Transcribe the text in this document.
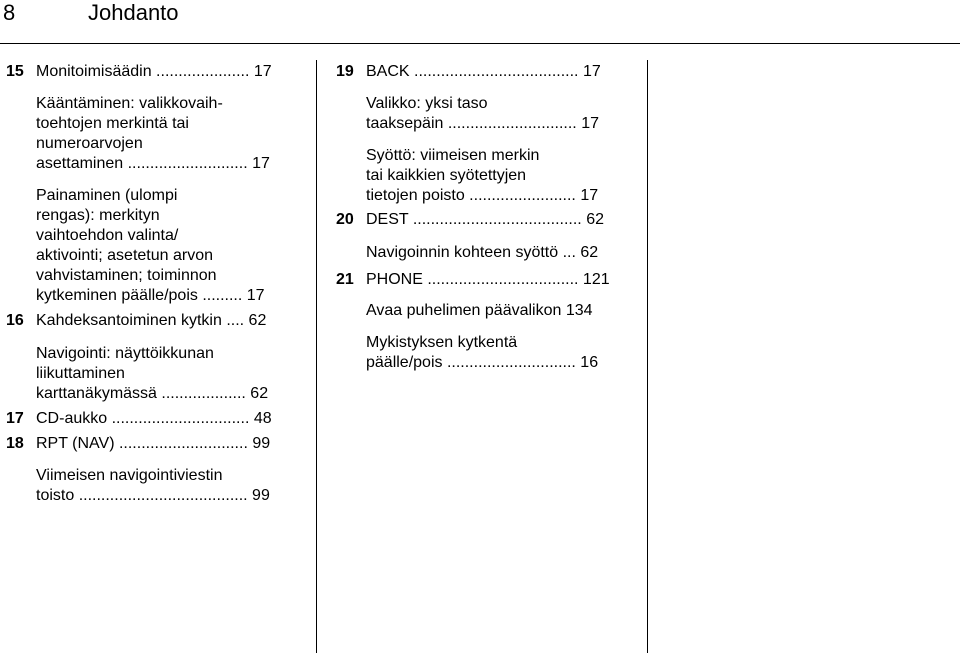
8	Johdanto
15 Monitoimisäädin ..................... 17
Kääntäminen: valikkovaih-
toehtojen merkintä tai
numeroarvojen
asettaminen ........................... 17
Painaminen (ulompi
rengas): merkityn
vaihtoehdon valinta/
aktivointi; asetetun arvon
vahvistaminen; toiminnon
kytkeminen päälle/pois ......... 17
16 Kahdeksantoiminen kytkin .... 62
Navigointi: näyttöikkunan
liikuttaminen
karttanäkymässä ................... 62
17 CD-aukko ............................... 48
18 RPT (NAV) ............................. 99
Viimeisen navigointiviestin
toisto ...................................... 99
19 BACK ..................................... 17
Valikko: yksi taso
taaksepäin ............................. 17
Syöttö: viimeisen merkin
tai kaikkien syötettyjen
tietojen poisto ........................ 17
20 DEST ...................................... 62
Navigoinnin kohteen syöttö ... 62
21 PHONE .................................. 121
Avaa puhelimen päävalikon 134
Mykistyksen kytkentä
päälle/pois ............................. 16
